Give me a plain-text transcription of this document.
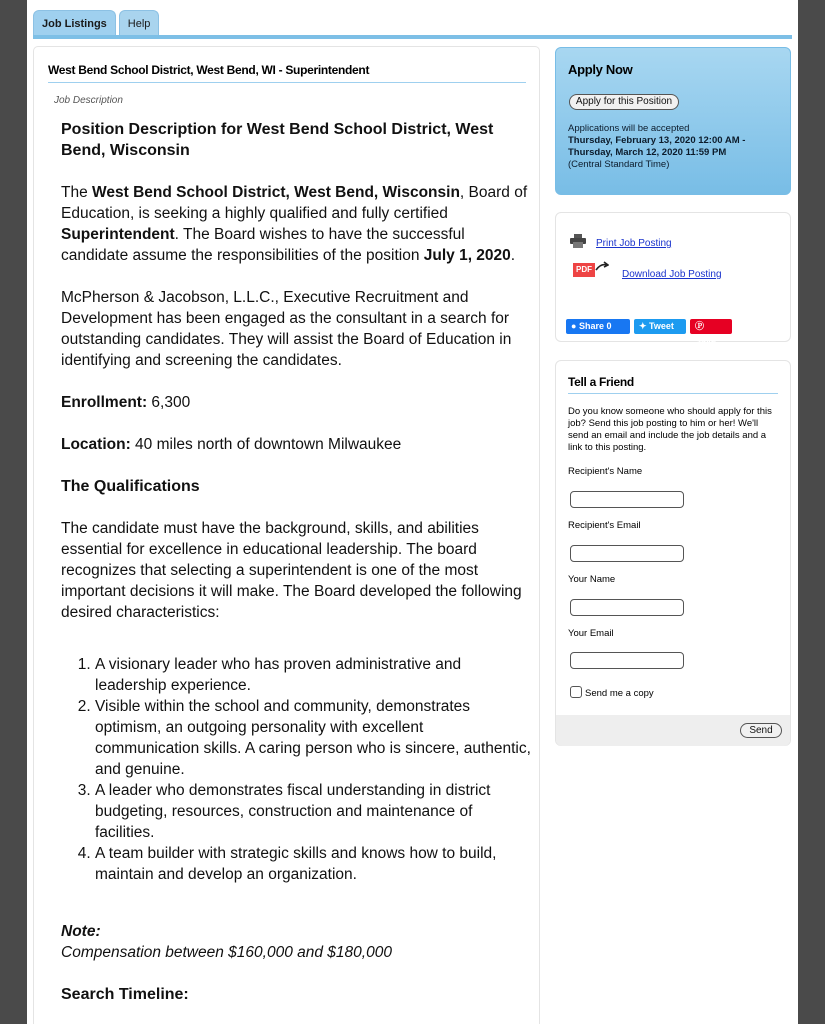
Job Listings	Help
West Bend School District, West Bend, WI - Superintendent
Job Description
Position Description for West Bend School District, West Bend, Wisconsin

The West Bend School District, West Bend, Wisconsin, Board of Education, is seeking a highly qualified and fully certified Superintendent. The Board wishes to have the successful candidate assume the responsibilities of the position July 1, 2020.

McPherson & Jacobson, L.L.C., Executive Recruitment and Development has been engaged as the consultant in a search for outstanding candidates. They will assist the Board of Education in identifying and screening the candidates.

Enrollment: 6,300

Location: 40 miles north of downtown Milwaukee

The Qualifications

The candidate must have the background, skills, and abilities essential for excellence in educational leadership. The board recognizes that selecting a superintendent is one of the most important decisions it will make. The Board developed the following desired characteristics:

1. A visionary leader who has proven administrative and leadership experience.
2. Visible within the school and community, demonstrates optimism, an outgoing personality with excellent communication skills. A caring person who is sincere, authentic, and genuine.
3. A leader who demonstrates fiscal understanding in district budgeting, resources, construction and maintenance of facilities.
4. A team builder with strategic skills and knows how to build, maintain and develop an organization.

Note:
Compensation between $160,000 and $180,000

Search Timeline:
Apply Now
Apply for this Position
Applications will be accepted
Thursday, February 13, 2020 12:00 AM -
Thursday, March 12, 2020 11:59 PM
(Central Standard Time)
Print Job Posting
PDF	Download Job Posting
● Share 0	✦ Tweet	Ⓟ Save
Tell a Friend
Do you know someone who should apply for this job? Send this job posting to him or her! We'll send an email and include the job details and a link to this posting.
Recipient's Name
Recipient's Email
Your Name
Your Email
Send me a copy
Send
